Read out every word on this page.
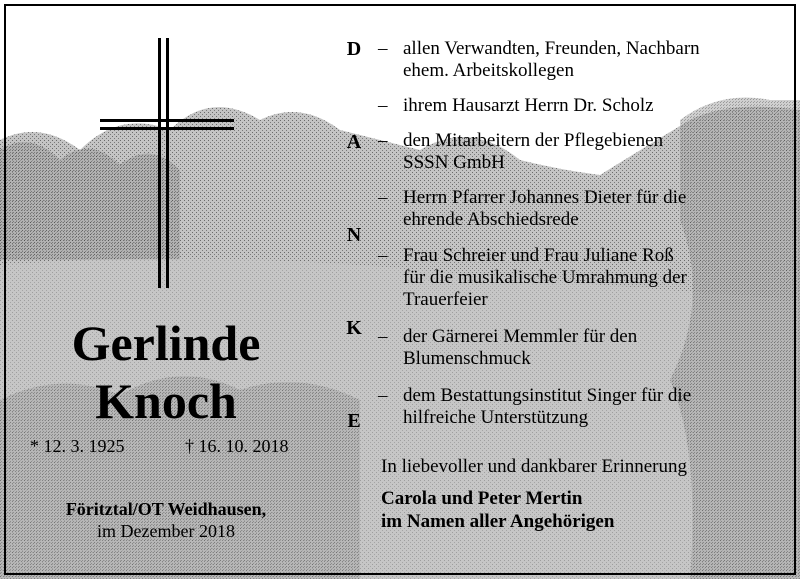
Gerlinde
Knoch
* 12. 3. 1925	† 16. 10. 2018
Föritztal/OT Weidhausen,
im Dezember 2018
D
A
N
K
E
– allen Verwandten, Freunden, Nachbarn
ehem. Arbeitskollegen
– ihrem Hausarzt Herrn Dr. Scholz
– den Mitarbeitern der Pflegebienen
SSSN GmbH
– Herrn Pfarrer Johannes Dieter für die
ehrende Abschiedsrede
– Frau Schreier und Frau Juliane Roß
für die musikalische Umrahmung der
Trauerfeier
– der Gärnerei Memmler für den
Blumenschmuck
– dem Bestattungsinstitut Singer für die
hilfreiche Unterstützung
In liebevoller und dankbarer Erinnerung
Carola und Peter Mertin
im Namen aller Angehörigen
